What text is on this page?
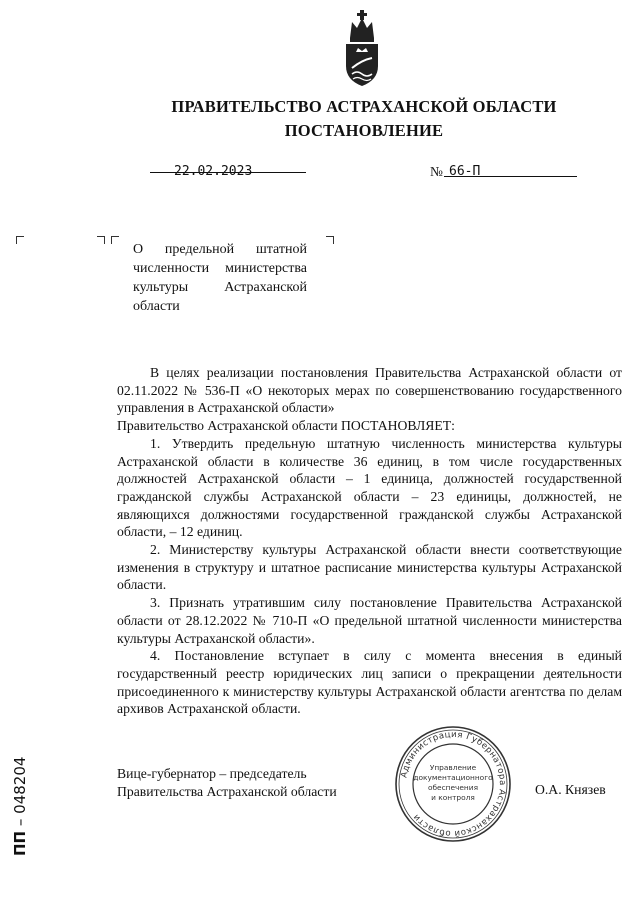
ПРАВИТЕЛЬСТВО АСТРАХАНСКОЙ ОБЛАСТИ
ПОСТАНОВЛЕНИЕ
22.02.2023	№ 66-П
О предельной штатной численности министерства культуры Астраханской области

В целях реализации постановления Правительства Астраханской области от 02.11.2022 № 536-П «О некоторых мерах по совершенствованию государственного управления в Астраханской области»

Правительство Астраханской области ПОСТАНОВЛЯЕТ:

1. Утвердить предельную штатную численность министерства культуры Астраханской области в количестве 36 единиц, в том числе государственных должностей Астраханской области – 1 единица, должностей государственной гражданской службы Астраханской области – 23 единицы, должностей, не являющихся должностями государственной гражданской службы Астраханской области, – 12 единиц.

2. Министерству культуры Астраханской области внести соответствующие изменения в структуру и штатное расписание министерства культуры Астраханской области.

3. Признать утратившим силу постановление Правительства Астраханской области от 28.12.2022 № 710-П «О предельной штатной численности министерства культуры Астраханской области».

4. Постановление вступает в силу с момента внесения в единый государственный реестр юридических лиц записи о прекращении деятельности присоединенного к министерству культуры Астраханской области агентства по делам архивов Астраханской области.

Вице-губернатор – председатель
Правительства Астраханской области
Администрация Губернатора Астраханской области
Управление
документационного
обеспечения
и контроля
О.А. Князев
ПП – 048204
